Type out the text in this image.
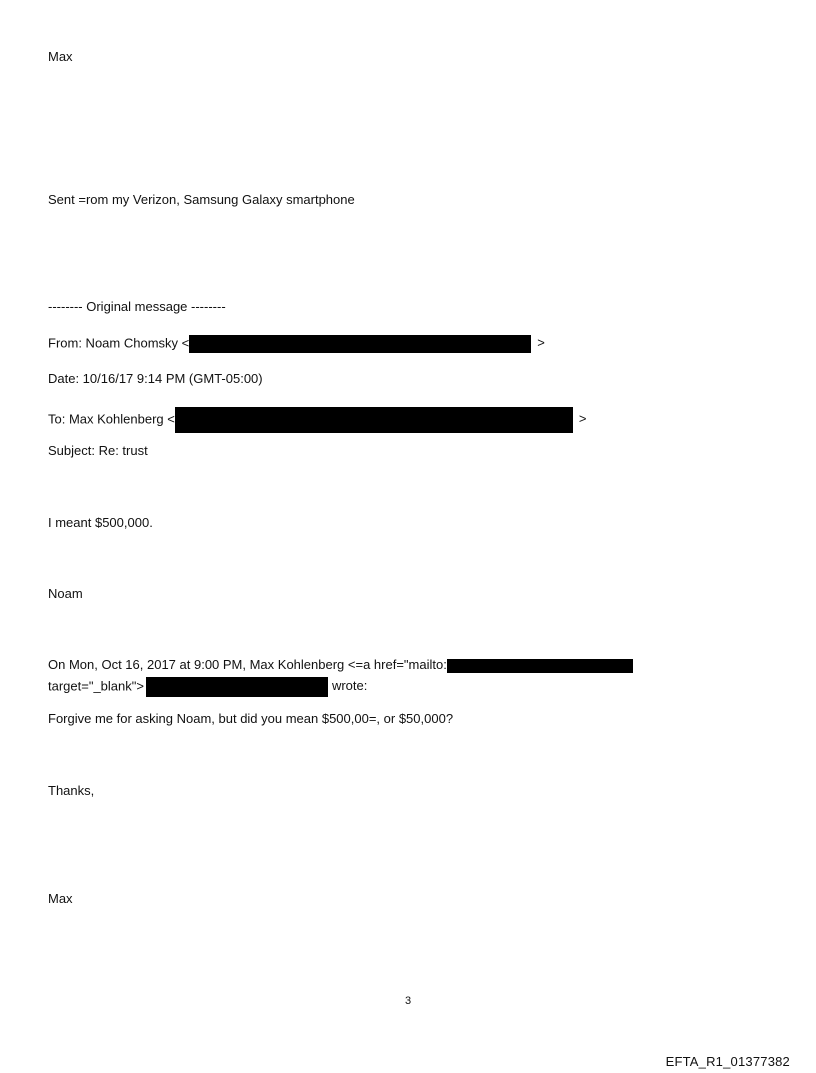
Max
Sent =rom my Verizon, Samsung Galaxy smartphone
-------- Original message --------
From: Noam Chomsky <	>
Date: 10/16/17 9:14 PM (GMT-05:00)
To: Max Kohlenberg <	>
Subject: Re: trust
I meant $500,000.
Noam
On Mon, Oct 16, 2017 at 9:00 PM, Max Kohlenberg <=a href="mailto:
target="_blank">	wrote:
Forgive me for asking Noam, but did you mean $500,00=, or $50,000?
Thanks,
Max
3
EFTA_R1_01377382
